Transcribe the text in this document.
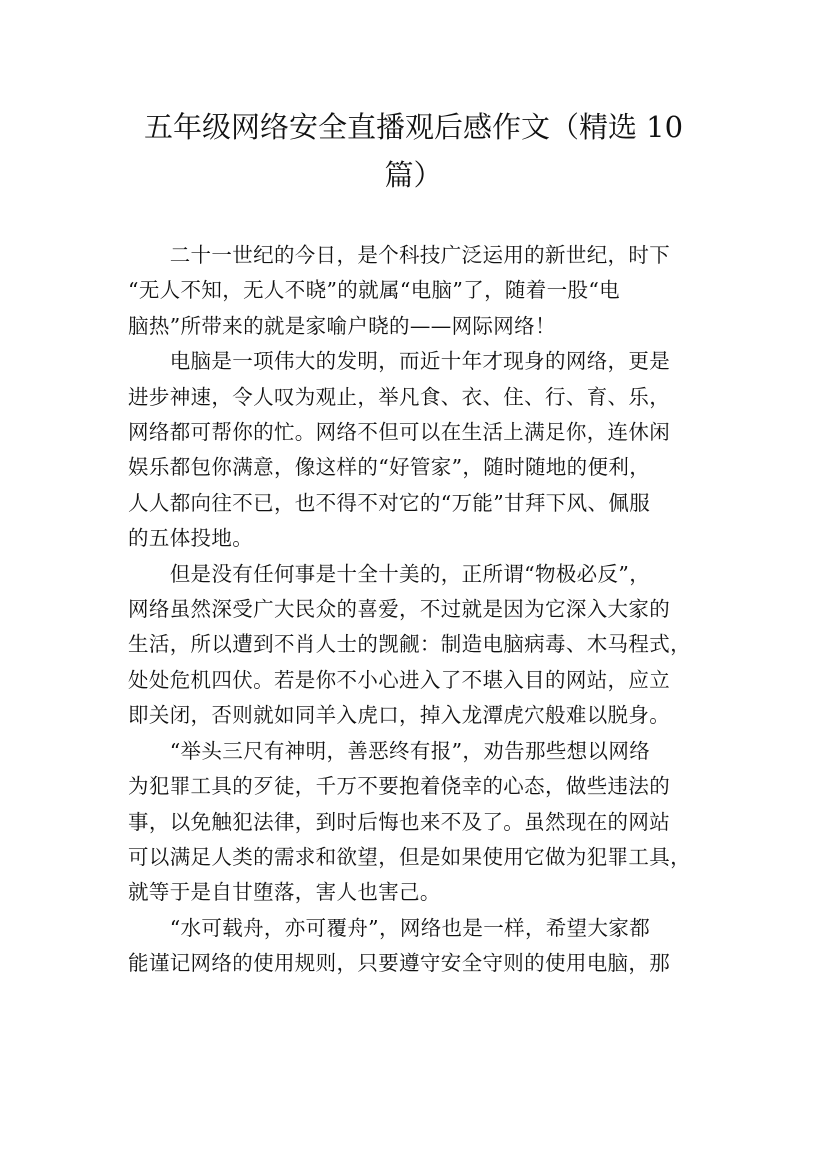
五年级网络安全直播观后感作文（精选 10
篇）

　　二十一世纪的今日，是个科技广泛运用的新世纪，时下
“无人不知，无人不晓”的就属“电脑”了，随着一股“电
脑热”所带来的就是家喻户晓的——网际网络！

　　电脑是一项伟大的发明，而近十年才现身的网络，更是
进步神速，令人叹为观止，举凡食、衣、住、行、育、乐，
网络都可帮你的忙。网络不但可以在生活上满足你，连休闲
娱乐都包你满意，像这样的“好管家”，随时随地的便利，
人人都向往不已，也不得不对它的“万能”甘拜下风、佩服
的五体投地。

　　但是没有任何事是十全十美的，正所谓“物极必反”，
网络虽然深受广大民众的喜爱，不过就是因为它深入大家的
生活，所以遭到不肖人士的觊觎：制造电脑病毒、木马程式，
处处危机四伏。若是你不小心进入了不堪入目的网站，应立
即关闭，否则就如同羊入虎口，掉入龙潭虎穴般难以脱身。

　　“举头三尺有神明，善恶终有报”，劝告那些想以网络
为犯罪工具的歹徒，千万不要抱着侥幸的心态，做些违法的
事，以免触犯法律，到时后悔也来不及了。虽然现在的网站
可以满足人类的需求和欲望，但是如果使用它做为犯罪工具，
就等于是自甘堕落，害人也害己。

　　“水可载舟，亦可覆舟”，网络也是一样，希望大家都
能谨记网络的使用规则，只要遵守安全守则的使用电脑，那
